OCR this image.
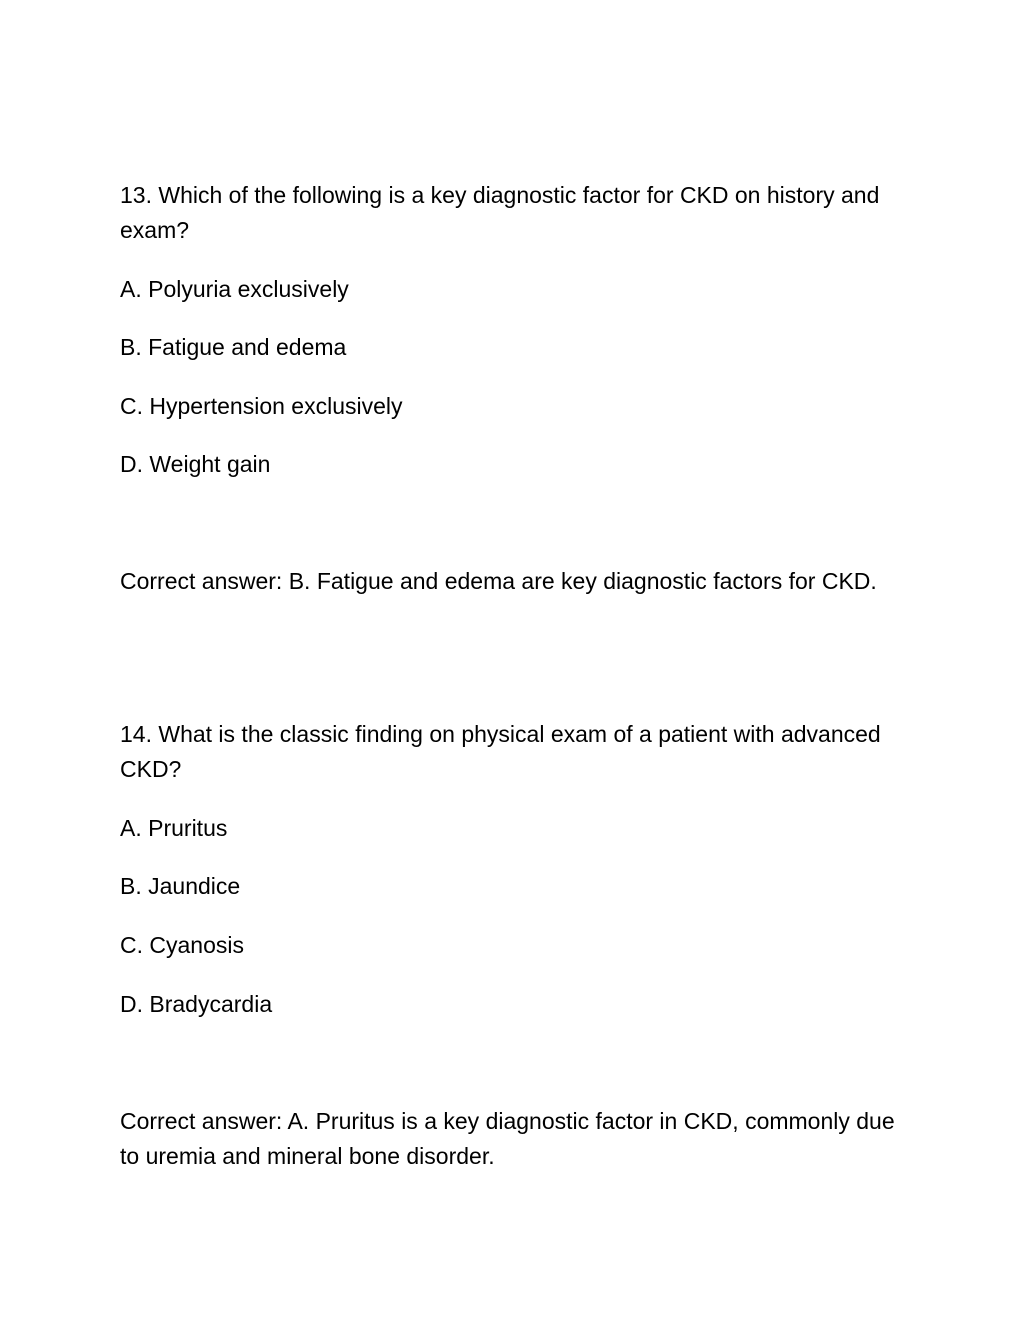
13. Which of the following is a key diagnostic factor for CKD on history and exam?

A. Polyuria exclusively

B. Fatigue and edema

C. Hypertension exclusively

D. Weight gain

Correct answer: B. Fatigue and edema are key diagnostic factors for CKD.

14. What is the classic finding on physical exam of a patient with advanced CKD?

A. Pruritus

B. Jaundice

C. Cyanosis

D. Bradycardia

Correct answer: A. Pruritus is a key diagnostic factor in CKD, commonly due to uremia and mineral bone disorder.
